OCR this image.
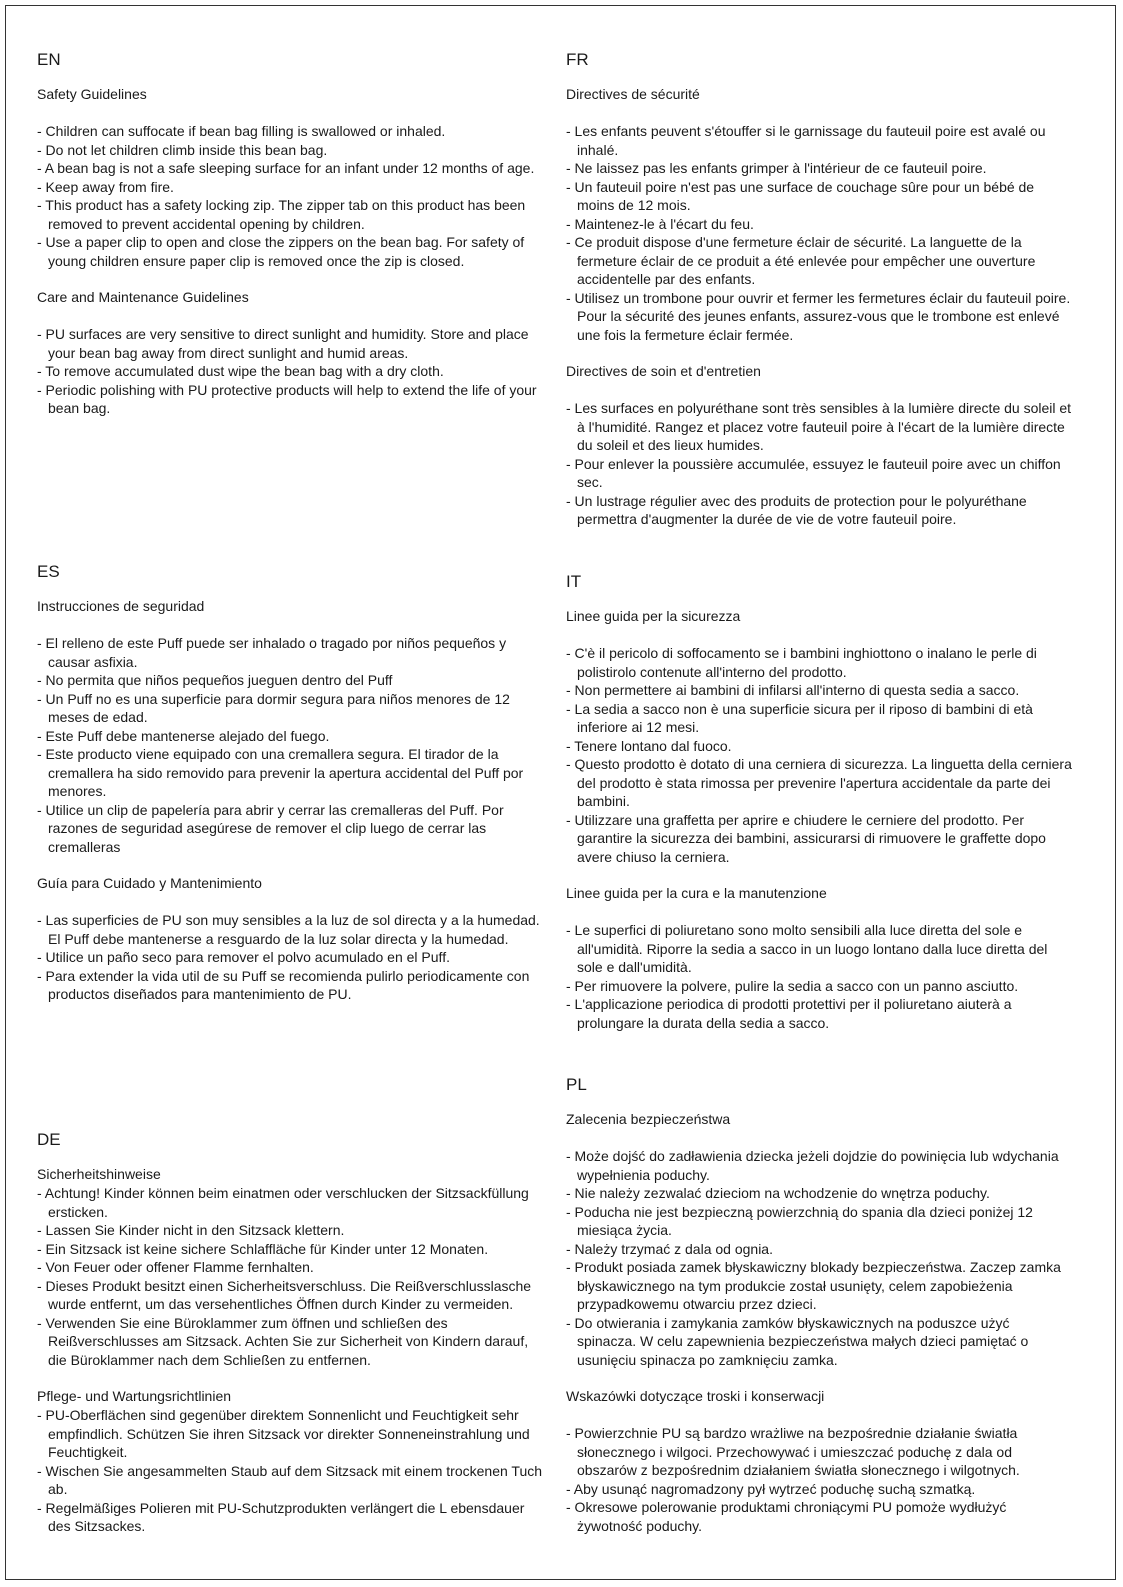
EN
Safety Guidelines
- Children can suffocate if bean bag filling is swallowed or inhaled.
- Do not let children climb inside this bean bag.
- A bean bag is not a safe sleeping surface for an infant under 12 months of age.
- Keep away from fire.
- This product has a safety locking zip. The zipper tab on this product has been removed to prevent accidental opening by children.
- Use a paper clip to open and close the zippers on the bean bag. For safety of young children ensure paper clip is removed once the zip is closed.
Care and Maintenance Guidelines
- PU surfaces are very sensitive to direct sunlight and humidity. Store and place your bean bag away from direct sunlight and humid areas.
- To remove accumulated dust wipe the bean bag with a dry cloth.
- Periodic polishing with PU protective products will help to extend the life of your bean bag.
FR
Directives de sécurité
- Les enfants peuvent s'étouffer si le garnissage du fauteuil poire est avalé ou inhalé.
- Ne laissez pas les enfants grimper à l'intérieur de ce fauteuil poire.
- Un fauteuil poire n'est pas une surface de couchage sûre pour un bébé de moins de 12 mois.
- Maintenez-le à l'écart du feu.
- Ce produit dispose d'une fermeture éclair de sécurité. La languette de la fermeture éclair de ce produit a été enlevée pour empêcher une ouverture accidentelle par des enfants.
- Utilisez un trombone pour ouvrir et fermer les fermetures éclair du fauteuil poire. Pour la sécurité des jeunes enfants, assurez-vous que le trombone est enlevé une fois la fermeture éclair fermée.
Directives de soin et d'entretien
- Les surfaces en polyuréthane sont très sensibles à la lumière directe du soleil et à l'humidité. Rangez et placez votre fauteuil poire à l'écart de la lumière directe du soleil et des lieux humides.
- Pour enlever la poussière accumulée, essuyez le fauteuil poire avec un chiffon sec.
- Un lustrage régulier avec des produits de protection pour le polyuréthane permettra d'augmenter la durée de vie de votre fauteuil poire.
ES
Instrucciones de seguridad
- El relleno de este Puff puede ser inhalado o tragado por niños pequeños y causar asfixia.
- No permita que niños pequeños jueguen dentro del Puff
- Un Puff no es una superficie para dormir segura para niños menores de 12 meses de edad.
- Este Puff debe mantenerse alejado del fuego.
- Este producto viene equipado con una cremallera segura. El tirador de la cremallera ha sido removido para prevenir la apertura accidental del Puff por menores.
- Utilice un clip de papelería para abrir y cerrar las cremalleras del Puff. Por razones de seguridad asegúrese de remover el clip luego de cerrar las cremalleras
Guía para Cuidado y Mantenimiento
- Las superficies de PU son muy sensibles a la luz de sol directa y a la humedad. El Puff debe mantenerse a resguardo de la luz solar directa y la humedad.
- Utilice un paño seco para remover el polvo acumulado en el Puff.
- Para extender la vida util de su Puff se recomienda pulirlo periodicamente con productos diseñados para mantenimiento de PU.
IT
Linee guida per la sicurezza
- C'è il pericolo di soffocamento se i bambini inghiottono o inalano le perle di polistirolo contenute all'interno del prodotto.
- Non permettere ai bambini di infilarsi all'interno di questa sedia a sacco.
- La sedia a sacco non è una superficie sicura per il riposo di bambini di età inferiore ai 12 mesi.
- Tenere lontano dal fuoco.
- Questo prodotto è dotato di una cerniera di sicurezza. La linguetta della cerniera del prodotto è stata rimossa per prevenire l'apertura accidentale da parte dei bambini.
- Utilizzare una graffetta per aprire e chiudere le cerniere del prodotto. Per garantire la sicurezza dei bambini, assicurarsi di rimuovere le graffette dopo avere chiuso la cerniera.
Linee guida per la cura e la manutenzione
- Le superfici di poliuretano sono molto sensibili alla luce diretta del sole e all'umidità. Riporre la sedia a sacco in un luogo lontano dalla luce diretta del sole e dall'umidità.
- Per rimuovere la polvere, pulire la sedia a sacco con un panno asciutto.
- L'applicazione periodica di prodotti protettivi per il poliuretano aiuterà a prolungare la durata della sedia a sacco.
PL
Zalecenia bezpieczeństwa
- Może dojść do zadławienia dziecka jeżeli dojdzie do powinięcia lub wdychania wypełnienia poduchy.
- Nie należy zezwalać dzieciom na wchodzenie do wnętrza poduchy.
- Poducha nie jest bezpieczną powierzchnią do spania dla dzieci poniżej 12 miesiąca życia.
- Należy trzymać z dala od ognia.
- Produkt posiada zamek błyskawiczny blokady bezpieczeństwa. Zaczep zamka błyskawicznego na tym produkcie został usunięty, celem zapobieżenia przypadkowemu otwarciu przez dzieci.
- Do otwierania i zamykania zamków błyskawicznych na poduszce użyć spinacza. W celu zapewnienia bezpieczeństwa małych dzieci pamiętać o usunięciu spinacza po zamknięciu zamka.
Wskazówki dotyczące troski i konserwacji
- Powierzchnie PU są bardzo wrażliwe na bezpośrednie działanie światła słonecznego i wilgoci. Przechowywać i umieszczać poduchę z dala od obszarów z bezpośrednim działaniem światła słonecznego i wilgotnych.
- Aby usunąć nagromadzony pył wytrzeć poduchę suchą szmatką.
- Okresowe polerowanie produktami chroniącymi PU pomoże wydłużyć żywotność poduchy.
DE
Sicherheitshinweise
- Achtung! Kinder können beim einatmen oder verschlucken der Sitzsackfüllung ersticken.
- Lassen Sie Kinder nicht in den Sitzsack klettern.
- Ein Sitzsack ist keine sichere Schlaffläche für Kinder unter 12 Monaten.
- Von Feuer oder offener Flamme fernhalten.
- Dieses Produkt besitzt einen Sicherheitsverschluss. Die Reißverschlusslasche wurde entfernt, um das versehentliches Öffnen durch Kinder zu vermeiden.
- Verwenden Sie eine Büroklammer zum öffnen und schließen des Reißverschlusses am Sitzsack. Achten Sie zur Sicherheit von Kindern darauf, die Büroklammer nach dem Schließen zu entfernen.
Pflege- und Wartungsrichtlinien
- PU-Oberflächen sind gegenüber direktem Sonnenlicht und Feuchtigkeit sehr empfindlich. Schützen Sie ihren Sitzsack vor direkter Sonneneinstrahlung und Feuchtigkeit.
- Wischen Sie angesammelten Staub auf dem Sitzsack mit einem trockenen Tuch ab.
- Regelmäßiges Polieren mit PU-Schutzprodukten verlängert die L ebensdauer des Sitzsackes.
